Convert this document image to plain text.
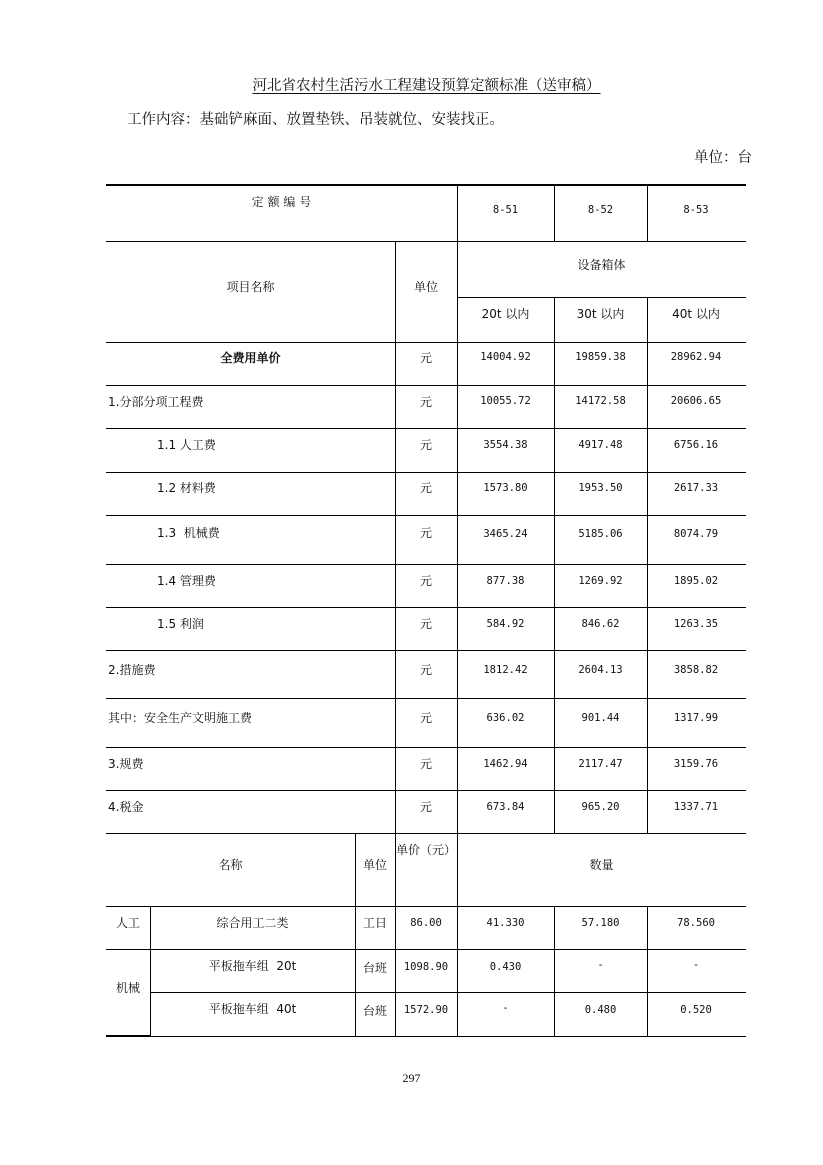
河北省农村生活污水工程建设预算定额标准（送审稿）
工作内容：基础铲麻面、放置垫铁、吊装就位、安装找正。
单位：台
定 额 编 号
8-51	8-52	8-53
项目名称	单位
设备箱体
20t 以内	30t 以内	40t 以内
全费用单价	元	14004.92	19859.38	28962.94
1.分部分项工程费	元	10055.72	14172.58	20606.65
1.1 人工费	元	3554.38	4917.48	6756.16
1.2 材料费	元	1573.80	1953.50	2617.33
1.3  机械费	元	3465.24	5185.06	8074.79
1.4 管理费	元	877.38	1269.92	1895.02
1.5 利润	元	584.92	846.62	1263.35
2.措施费	元	1812.42	2604.13	3858.82
其中：安全生产文明施工费	元	636.02	901.44	1317.99
3.规费	元	1462.94	2117.47	3159.76
4.税金	元	673.84	965.20	1337.71
名称	单位
单价（元）
数量
人工	综合用工二类	工日	86.00	41.330	57.180	78.560
机械
平板拖车组  20t	台班	1098.90	0.430	-	-
平板拖车组  40t	台班	1572.90	-	0.480	0.520
297
